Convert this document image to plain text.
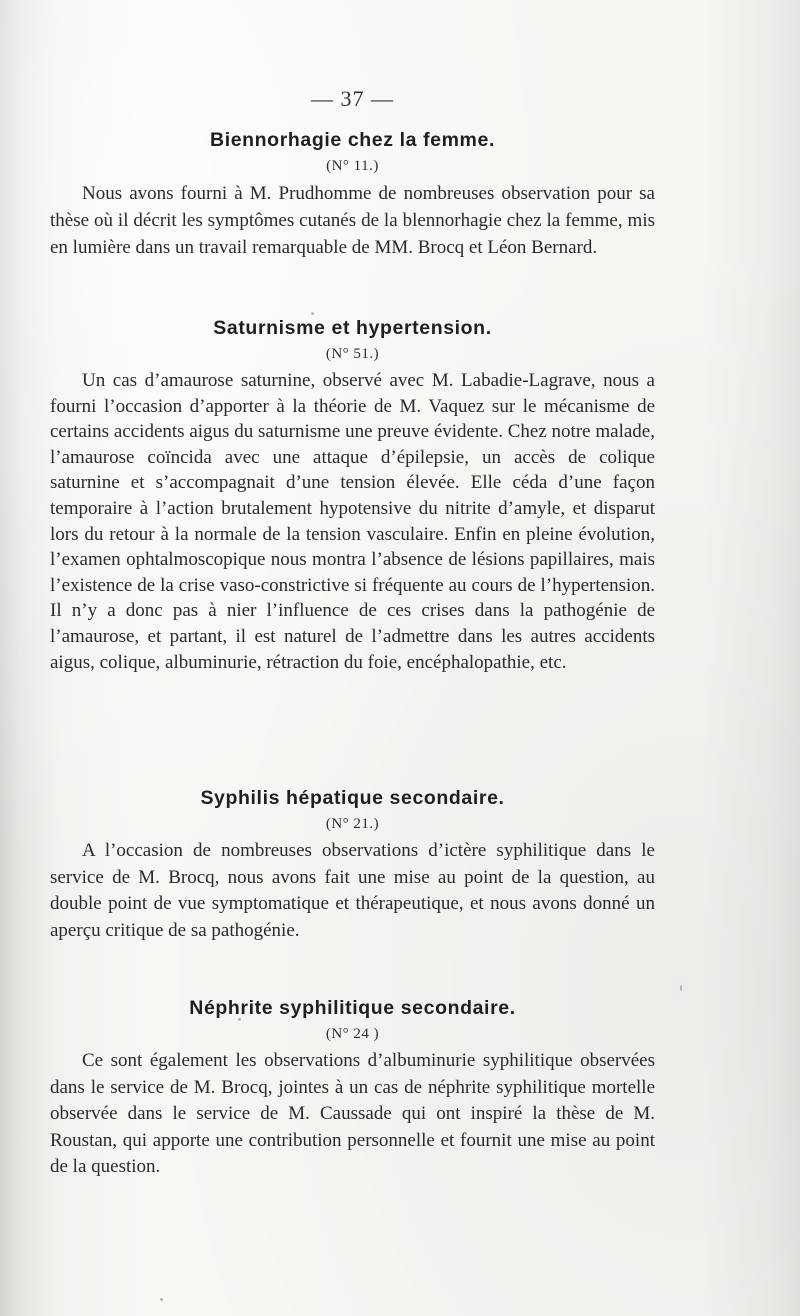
— 37 —
Biennorhagie chez la femme.
(N° 11.)

Nous avons fourni à M. Prudhomme de nombreuses observation pour sa thèse où il décrit les symptômes cutanés de la blennorhagie chez la femme, mis en lumière dans un travail remarquable de MM. Brocq et Léon Bernard.

Saturnisme et hypertension.
(N° 51.)

Un cas d’amaurose saturnine, observé avec M. Labadie-Lagrave, nous a fourni l’occasion d’apporter à la théorie de M. Vaquez sur le mécanisme de certains accidents aigus du saturnisme une preuve évidente. Chez notre malade, l’amaurose coïncida avec une attaque d’épilepsie, un accès de colique saturnine et s’accompagnait d’une tension élevée. Elle céda d’une façon temporaire à l’action brutalement hypotensive du nitrite d’amyle, et disparut lors du retour à la normale de la tension vasculaire. Enfin en pleine évolution, l’examen ophtalmoscopique nous montra l’absence de lésions papillaires, mais l’existence de la crise vaso-constrictive si fréquente au cours de l’hypertension. Il n’y a donc pas à nier l’influence de ces crises dans la pathogénie de l’amaurose, et partant, il est naturel de l’admettre dans les autres accidents aigus, colique, albuminurie, rétraction du foie, encéphalopathie, etc.

Syphilis hépatique secondaire.
(N° 21.)

A l’occasion de nombreuses observations d’ictère syphilitique dans le service de M. Brocq, nous avons fait une mise au point de la question, au double point de vue symptomatique et thérapeutique, et nous avons donné un aperçu critique de sa pathogénie.

Néphrite syphilitique secondaire.
(N° 24 )

Ce sont également les observations d’albuminurie syphilitique observées dans le service de M. Brocq, jointes à un cas de néphrite syphilitique mortelle observée dans le service de M. Caussade qui ont inspiré la thèse de M. Roustan, qui apporte une contribution personnelle et fournit une mise au point de la question.
